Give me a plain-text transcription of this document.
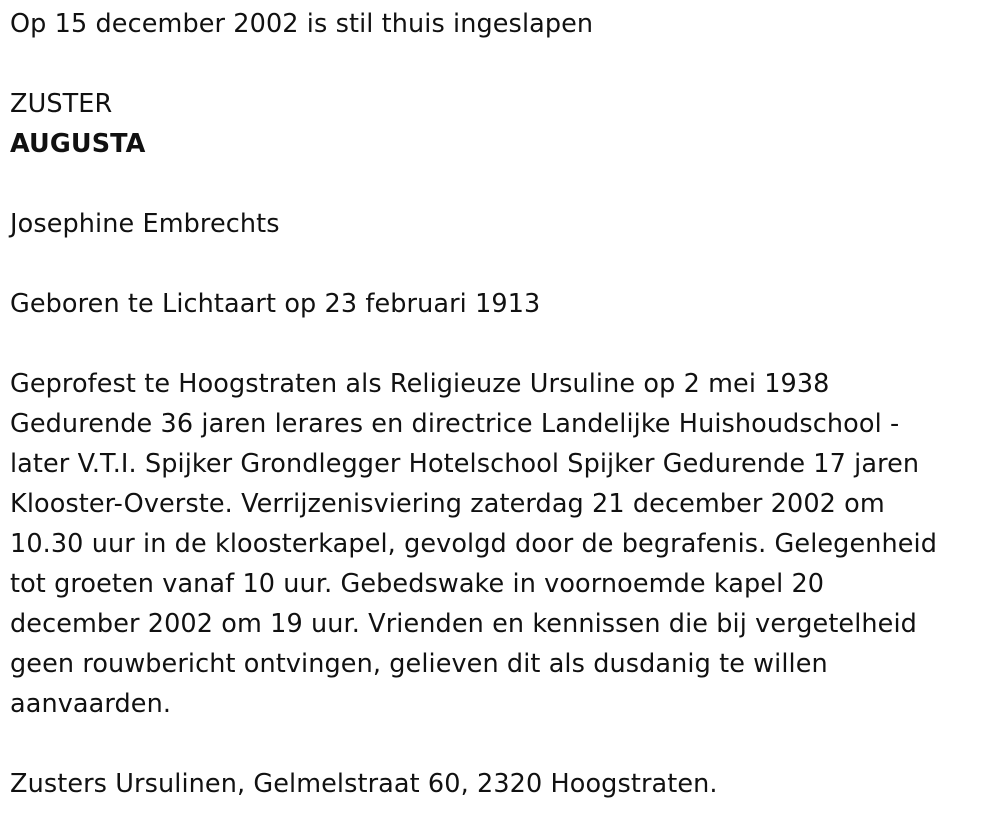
Op 15 december 2002 is stil thuis ingeslapen
ZUSTER
AUGUSTA
Josephine Embrechts
Geboren te Lichtaart op 23 februari 1913
Geprofest te Hoogstraten als Religieuze Ursuline op 2 mei 1938
Gedurende 36 jaren lerares en directrice Landelijke Huishoudschool -
later V.T.I. Spijker Grondlegger Hotelschool Spijker Gedurende 17 jaren
Klooster-Overste. Verrijzenisviering zaterdag 21 december 2002 om
10.30 uur in de kloosterkapel, gevolgd door de begrafenis. Gelegenheid
tot groeten vanaf 10 uur. Gebedswake in voornoemde kapel 20
december 2002 om 19 uur. Vrienden en kennissen die bij vergetelheid
geen rouwbericht ontvingen, gelieven dit als dusdanig te willen
aanvaarden.
Zusters Ursulinen, Gelmelstraat 60, 2320 Hoogstraten.
